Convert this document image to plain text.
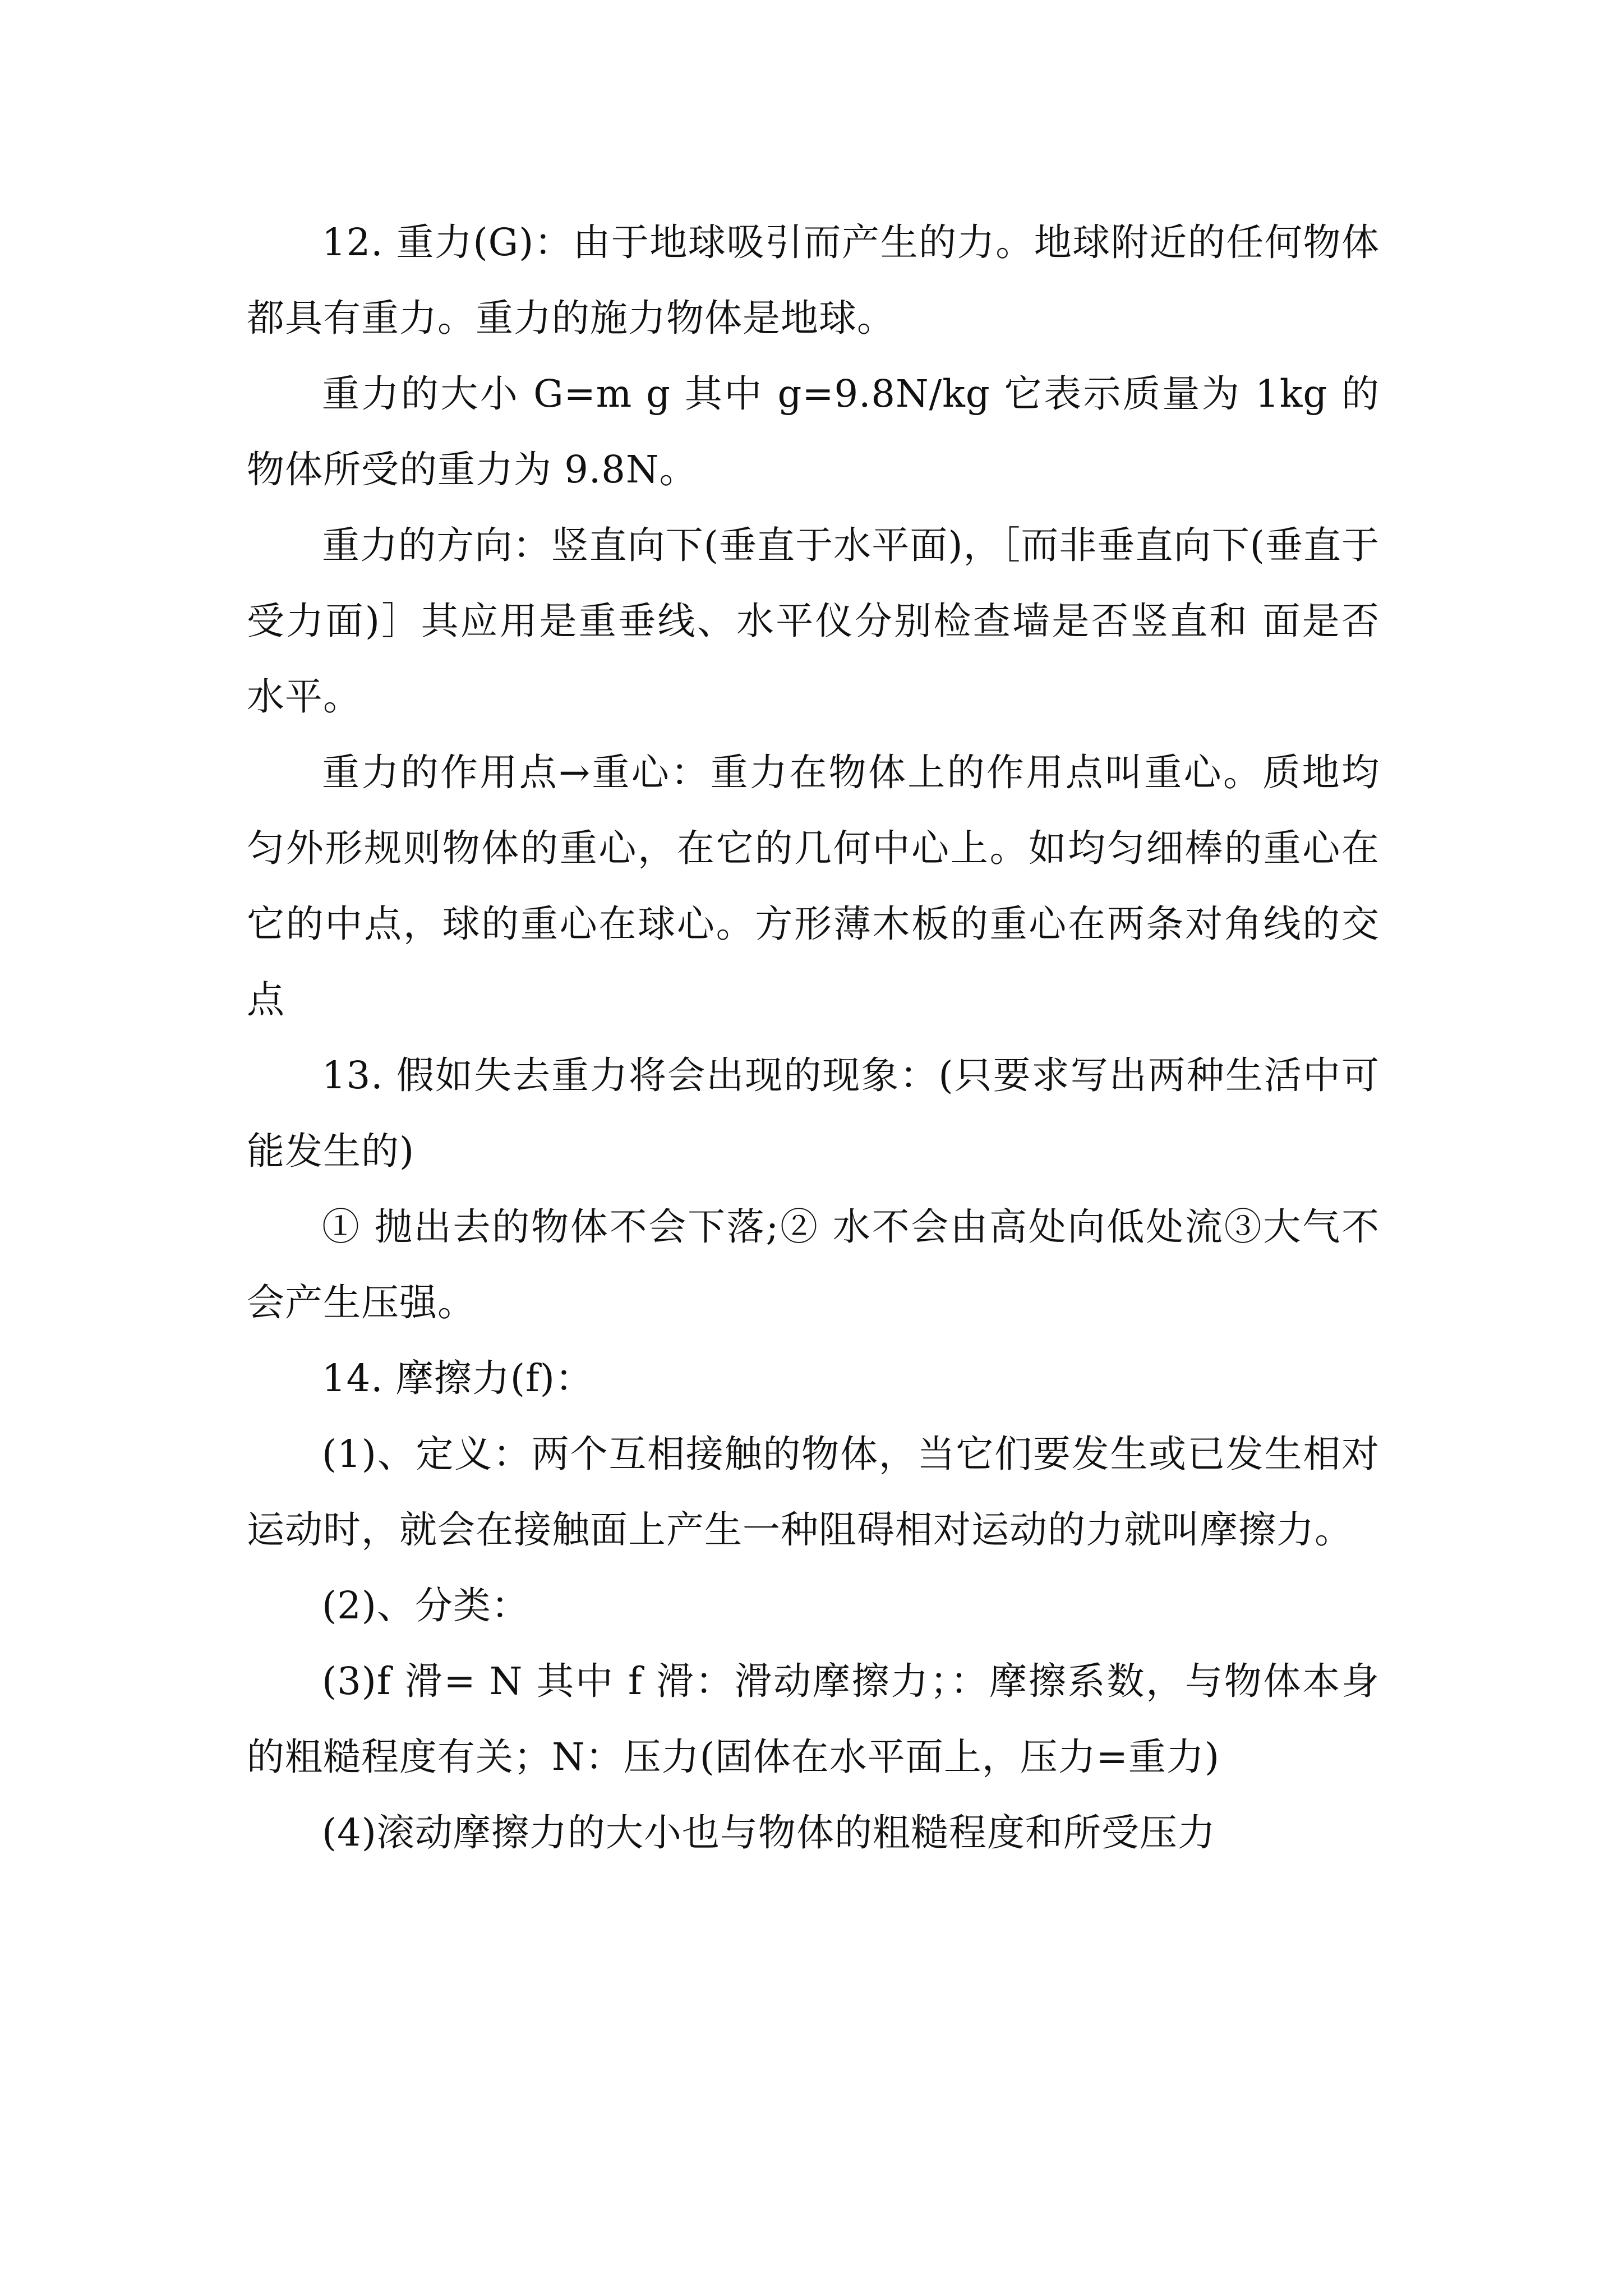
12. 重力(G)：由于地球吸引而产生的力。地球附近的任何物体都具有重力。重力的施力物体是地球。

重力的大小 G=m g 其中 g=9.8N/kg 它表示质量为 1kg 的物体所受的重力为 9.8N。

重力的方向：竖直向下(垂直于水平面)，［而非垂直向下(垂直于受力面)］其应用是重垂线、水平仪分别检查墙是否竖直和 面是否水平。

重力的作用点→重心：重力在物体上的作用点叫重心。质地均匀外形规则物体的重心，在它的几何中心上。如均匀细棒的重心在它的中点，球的重心在球心。方形薄木板的重心在两条对角线的交点

13. 假如失去重力将会出现的现象：(只要求写出两种生活中可能发生的)

① 抛出去的物体不会下落;② 水不会由高处向低处流③大气不会产生压强。

14. 摩擦力(f)：

(1)、定义：两个互相接触的物体，当它们要发生或已发生相对运动时，就会在接触面上产生一种阻碍相对运动的力就叫摩擦力。

(2)、分类：

(3)f 滑= N 其中 f 滑：滑动摩擦力；：摩擦系数，与物体本身的粗糙程度有关；N：压力(固体在水平面上，压力=重力)

(4)滚动摩擦力的大小也与物体的粗糙程度和所受压力
